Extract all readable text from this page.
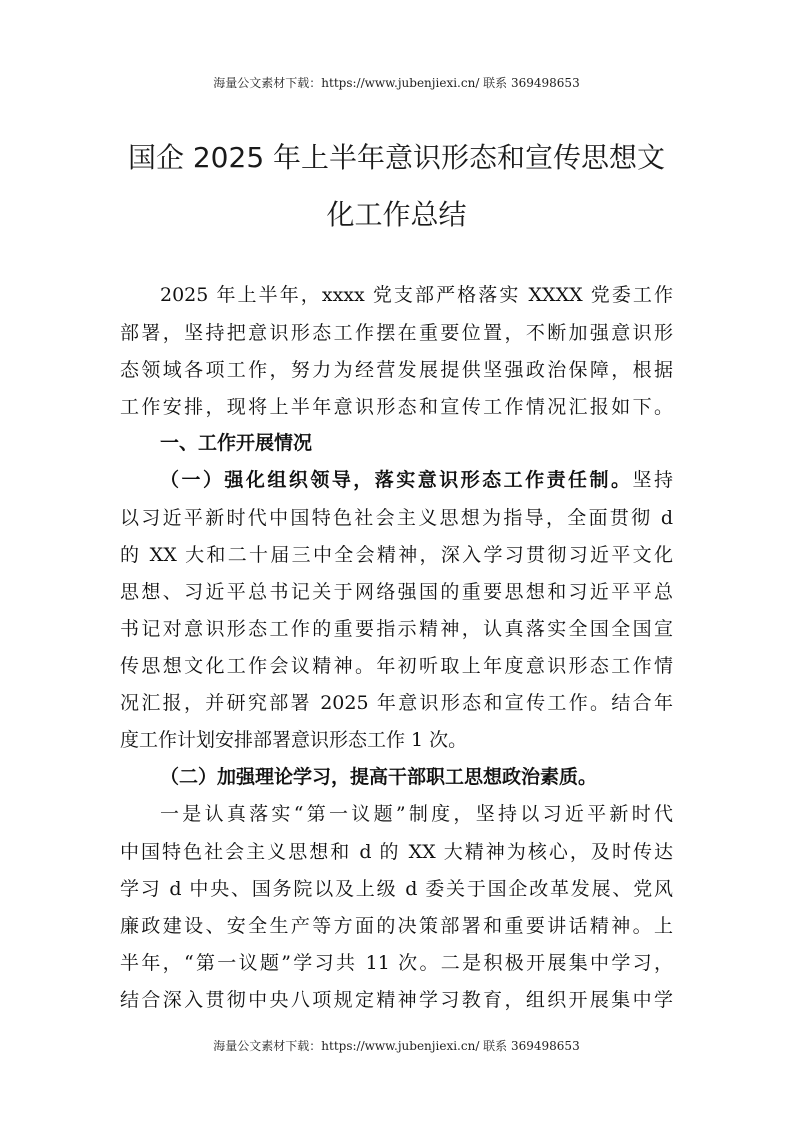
海量公文素材下载：https://www.jubenjiexi.cn/ 联系 369498653
国企 2025 年上半年意识形态和宣传思想文
化工作总结
2025 年上半年，xxxx 党支部严格落实 XXXX 党委工作
部署，坚持把意识形态工作摆在重要位置，不断加强意识形
态领域各项工作，努力为经营发展提供坚强政治保障，根据
工作安排，现将上半年意识形态和宣传工作情况汇报如下。
一、工作开展情况
（一）强化组织领导，落实意识形态工作责任制。坚持
以习近平新时代中国特色社会主义思想为指导，全面贯彻 d
的 XX 大和二十届三中全会精神，深入学习贯彻习近平文化
思想、习近平总书记关于网络强国的重要思想和习近平平总
书记对意识形态工作的重要指示精神，认真落实全国全国宣
传思想文化工作会议精神。年初听取上年度意识形态工作情
况汇报，并研究部署 2025 年意识形态和宣传工作。结合年
度工作计划安排部署意识形态工作 1 次。
（二）加强理论学习，提高干部职工思想政治素质。
一是认真落实“第一议题”制度，坚持以习近平新时代
中国特色社会主义思想和 d 的 XX 大精神为核心，及时传达
学习 d 中央、国务院以及上级 d 委关于国企改革发展、党风
廉政建设、安全生产等方面的决策部署和重要讲话精神。上
半年，“第一议题”学习共 11 次。二是积极开展集中学习，
结合深入贯彻中央八项规定精神学习教育，组织开展集中学
海量公文素材下载：https://www.jubenjiexi.cn/ 联系 369498653
